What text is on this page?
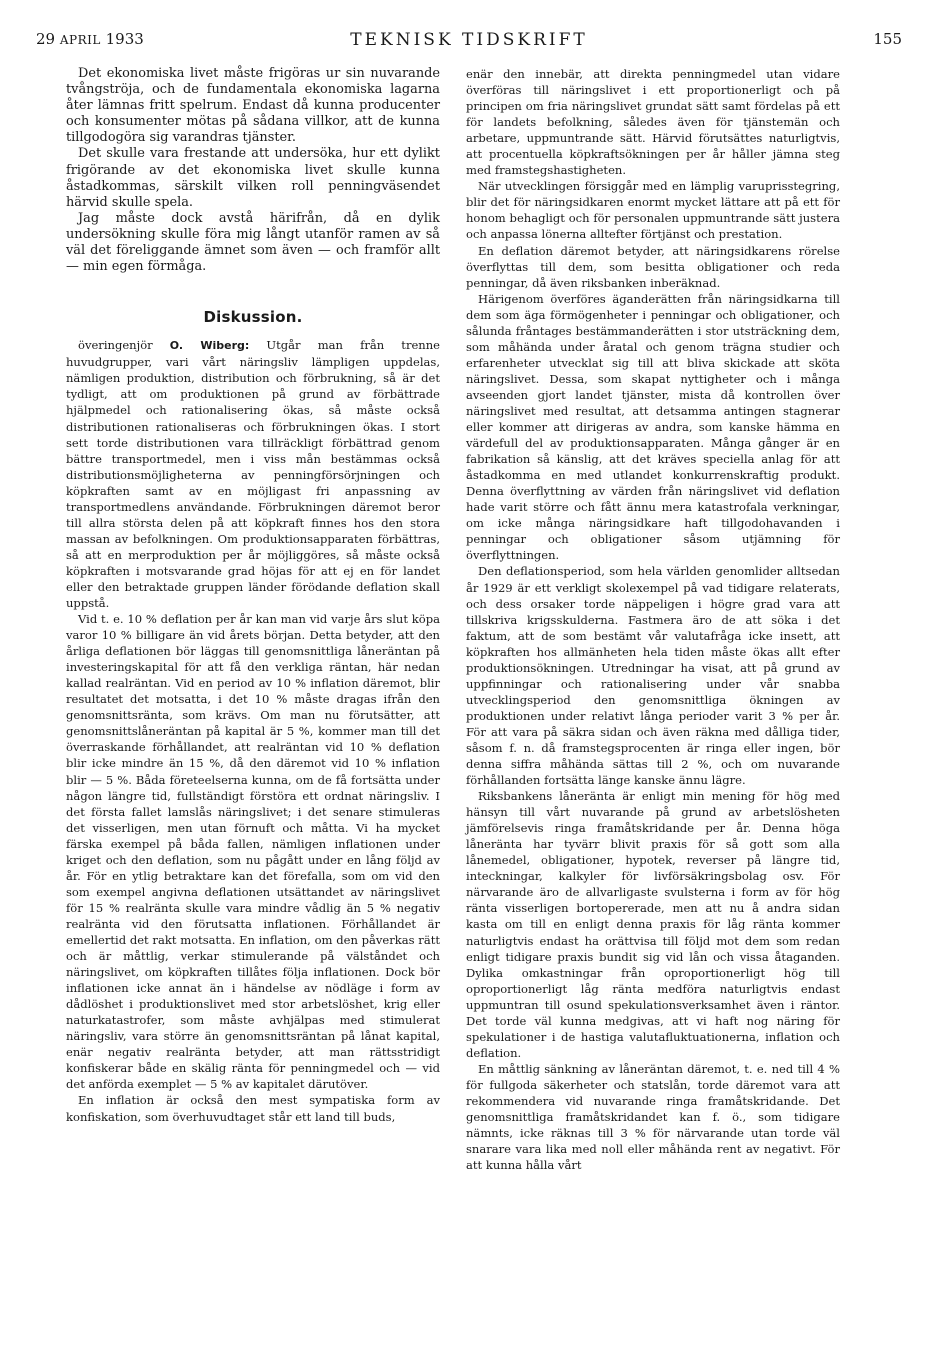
29 APRIL 1933	TEKNISK TIDSKRIFT	155

Det ekonomiska livet måste frigöras ur sin nuvarande tvångströja, och de fundamentala ekonomiska lagarna åter lämnas fritt spelrum. Endast då kunna producenter och konsumenter mötas på sådana villkor, att de kunna tillgodogöra sig varandras tjänster.

Det skulle vara frestande att undersöka, hur ett dylikt frigörande av det ekonomiska livet skulle kunna åstadkommas, särskilt vilken roll penningväsendet härvid skulle spela.

Jag måste dock avstå härifrån, då en dylik undersökning skulle föra mig långt utanför ramen av så väl det föreliggande ämnet som även — och framför allt — min egen förmåga.

Diskussion.

överingenjör O. Wiberg: Utgår man från trenne huvudgrupper, vari vårt näringsliv lämpligen uppdelas, nämligen produktion, distribution och förbrukning, så är det tydligt, att om produktionen på grund av förbättrade hjälpmedel och rationalisering ökas, så måste också distributionen rationaliseras och förbrukningen ökas. I stort sett torde distributionen vara tillräckligt förbättrad genom bättre transportmedel, men i viss mån bestämmas också distributionsmöjligheterna av penningförsörjningen och köpkraften samt av en möjligast fri anpassning av transportmedlens användande. Förbrukningen däremot beror till allra största delen på att köpkraft finnes hos den stora massan av befolkningen. Om produktionsapparaten förbättras, så att en merproduktion per år möjliggöres, så måste också köpkraften i motsvarande grad höjas för att ej en för landet eller den betraktade gruppen länder förödande deflation skall uppstå.

Vid t. e. 10 % deflation per år kan man vid varje års slut köpa varor 10 % billigare än vid årets början. Detta betyder, att den årliga deflationen bör läggas till genomsnittliga låneräntan på investeringskapital för att få den verkliga räntan, här nedan kallad realräntan. Vid en period av 10 % inflation däremot, blir resultatet det motsatta, i det 10 % måste dragas ifrån den genomsnittsränta, som krävs. Om man nu förutsätter, att genomsnittslåneräntan på kapital är 5 %, kommer man till det överraskande förhållandet, att realräntan vid 10 % deflation blir icke mindre än 15 %, då den däremot vid 10 % inflation blir — 5 %. Båda företeelserna kunna, om de få fortsätta under någon längre tid, fullständigt förstöra ett ordnat näringsliv. I det första fallet lamslås näringslivet; i det senare stimuleras det visserligen, men utan förnuft och måtta. Vi ha mycket färska exempel på båda fallen, nämligen inflationen under kriget och den deflation, som nu pågått under en lång följd av år. För en ytlig betraktare kan det förefalla, som om vid den som exempel angivna deflationen utsättandet av näringslivet för 15 % realränta skulle vara mindre vådlig än 5 % negativ realränta vid den förutsatta inflationen. Förhållandet är emellertid det rakt motsatta. En inflation, om den påverkas rätt och är måttlig, verkar stimulerande på välståndet och näringslivet, om köpkraften tillåtes följa inflationen. Dock bör inflationen icke annat än i händelse av nödläge i form av dådlöshet i produktionslivet med stor arbetslöshet, krig eller naturkatastrofer, som måste avhjälpas med stimulerat näringsliv, vara större än genomsnittsräntan på lånat kapital, enär negativ realränta betyder, att man rättsstridigt konfiskerar både en skälig ränta för penningmedel och — vid det anförda exemplet — 5 % av kapitalet därutöver.

En inflation är också den mest sympatiska form av konfiskation, som överhuvudtaget står ett land till buds,

enär den innebär, att direkta penningmedel utan vidare överföras till näringslivet i ett proportionerligt och på principen om fria näringslivet grundat sätt samt fördelas på ett för landets befolkning, således även för tjänstemän och arbetare, uppmuntrande sätt. Härvid förutsättes naturligtvis, att procentuella köpkraftsökningen per år håller jämna steg med framstegshastigheten.

När utvecklingen försiggår med en lämplig varuprisstegring, blir det för näringsidkaren enormt mycket lättare att på ett för honom behagligt och för personalen uppmuntrande sätt justera och anpassa lönerna alltefter förtjänst och prestation.

En deflation däremot betyder, att näringsidkarens rörelse överflyttas till dem, som besitta obligationer och reda penningar, då även riksbanken inberäknad.

Härigenom överföres äganderätten från näringsidkarna till dem som äga förmögenheter i penningar och obligationer, och sålunda fråntages bestämmanderätten i stor utsträckning dem, som måhända under åratal och genom trägna studier och erfarenheter utvecklat sig till att bliva skickade att sköta näringslivet. Dessa, som skapat nyttigheter och i många avseenden gjort landet tjänster, mista då kontrollen över näringslivet med resultat, att detsamma antingen stagnerar eller kommer att dirigeras av andra, som kanske hämma en värdefull del av produktionsapparaten. Många gånger är en fabrikation så känslig, att det kräves speciella anlag för att åstadkomma en med utlandet konkurrenskraftig produkt. Denna överflyttning av värden från näringslivet vid deflation hade varit större och fått ännu mera katastrofala verkningar, om icke många näringsidkare haft tillgodohavanden i penningar och obligationer såsom utjämning för överflyttningen.

Den deflationsperiod, som hela världen genomlider alltsedan år 1929 är ett verkligt skolexempel på vad tidigare relaterats, och dess orsaker torde näppeligen i högre grad vara att tillskriva krigsskulderna. Fastmera äro de att söka i det faktum, att de som bestämt vår valutafråga icke insett, att köpkraften hos allmänheten hela tiden måste ökas allt efter produktionsökningen. Utredningar ha visat, att på grund av uppfinningar och rationalisering under vår snabba utvecklingsperiod den genomsnittliga ökningen av produktionen under relativt långa perioder varit 3 % per år. För att vara på säkra sidan och även räkna med dålliga tider, såsom f. n. då framstegsprocenten är ringa eller ingen, bör denna siffra måhända sättas till 2 %, och om nuvarande förhållanden fortsätta länge kanske ännu lägre.

Riksbankens låneränta är enligt min mening för hög med hänsyn till vårt nuvarande på grund av arbetslösheten jämförelsevis ringa framåtskridande per år. Denna höga låneränta har tyvärr blivit praxis för så gott som alla lånemedel, obligationer, hypotek, reverser på längre tid, inteckningar, kalkyler för livförsäkringsbolag osv. För närvarande äro de allvarligaste svulsterna i form av för hög ränta visserligen bortopererade, men att nu å andra sidan kasta om till en enligt denna praxis för låg ränta kommer naturligtvis endast ha orättvisa till följd mot dem som redan enligt tidigare praxis bundit sig vid lån och vissa åtaganden. Dylika omkastningar från oproportionerligt hög till oproportionerligt låg ränta medföra naturligtvis endast uppmuntran till osund spekulationsverksamhet även i räntor. Det torde väl kunna medgivas, att vi haft nog näring för spekulationer i de hastiga valutafluktuationerna, inflation och deflation.

En måttlig sänkning av låneräntan däremot, t. e. ned till 4 % för fullgoda säkerheter och statslån, torde däremot vara att rekommendera vid nuvarande ringa framåtskridande. Det genomsnittliga framåtskridandet kan f. ö., som tidigare nämnts, icke räknas till 3 % för närvarande utan torde väl snarare vara lika med noll eller måhända rent av negativt. För att kunna hålla vårt
